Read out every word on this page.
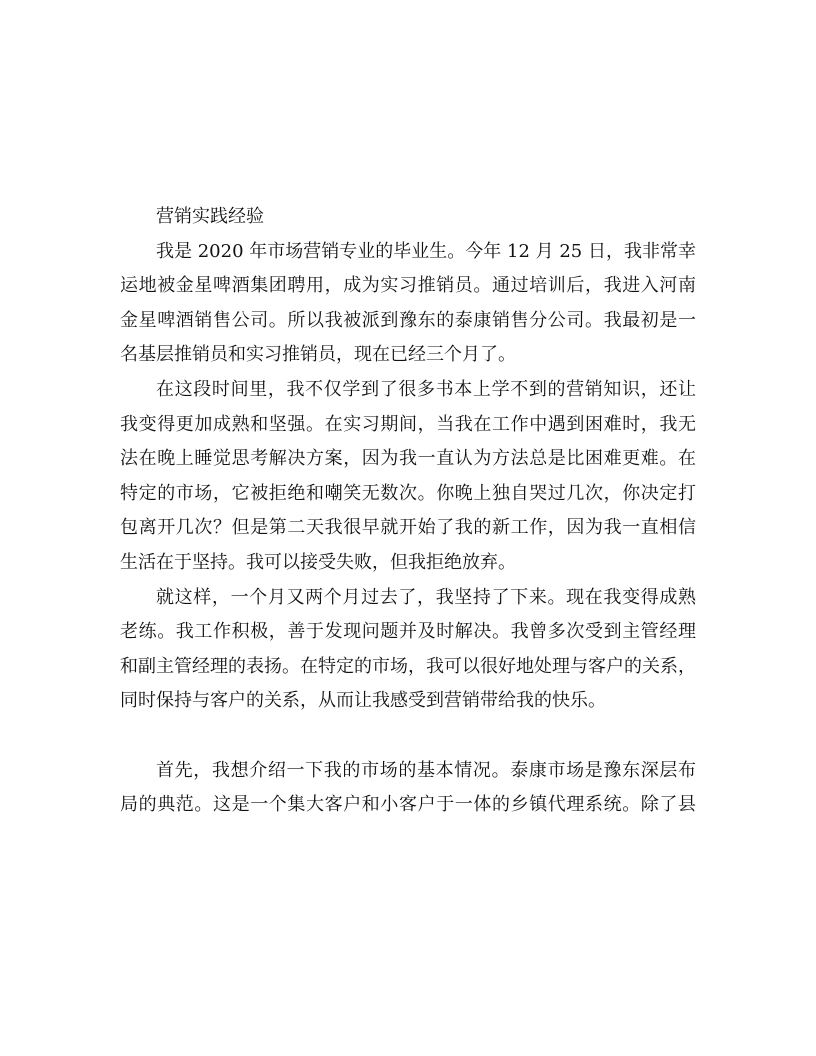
营销实践经验
我是 2020 年市场营销专业的毕业生。今年 12 月 25 日，我非常幸
运地被金星啤酒集团聘用，成为实习推销员。通过培训后，我进入河南
金星啤酒销售公司。所以我被派到豫东的泰康销售分公司。我最初是一
名基层推销员和实习推销员，现在已经三个月了。
在这段时间里，我不仅学到了很多书本上学不到的营销知识，还让
我变得更加成熟和坚强。在实习期间，当我在工作中遇到困难时，我无
法在晚上睡觉思考解决方案，因为我一直认为方法总是比困难更难。在
特定的市场，它被拒绝和嘲笑无数次。你晚上独自哭过几次，你决定打
包离开几次？但是第二天我很早就开始了我的新工作，因为我一直相信
生活在于坚持。我可以接受失败，但我拒绝放弃。
就这样，一个月又两个月过去了，我坚持了下来。现在我变得成熟
老练。我工作积极，善于发现问题并及时解决。我曾多次受到主管经理
和副主管经理的表扬。在特定的市场，我可以很好地处理与客户的关系，
同时保持与客户的关系，从而让我感受到营销带给我的快乐。
首先，我想介绍一下我的市场的基本情况。泰康市场是豫东深层布
局的典范。这是一个集大客户和小客户于一体的乡镇代理系统。除了县
